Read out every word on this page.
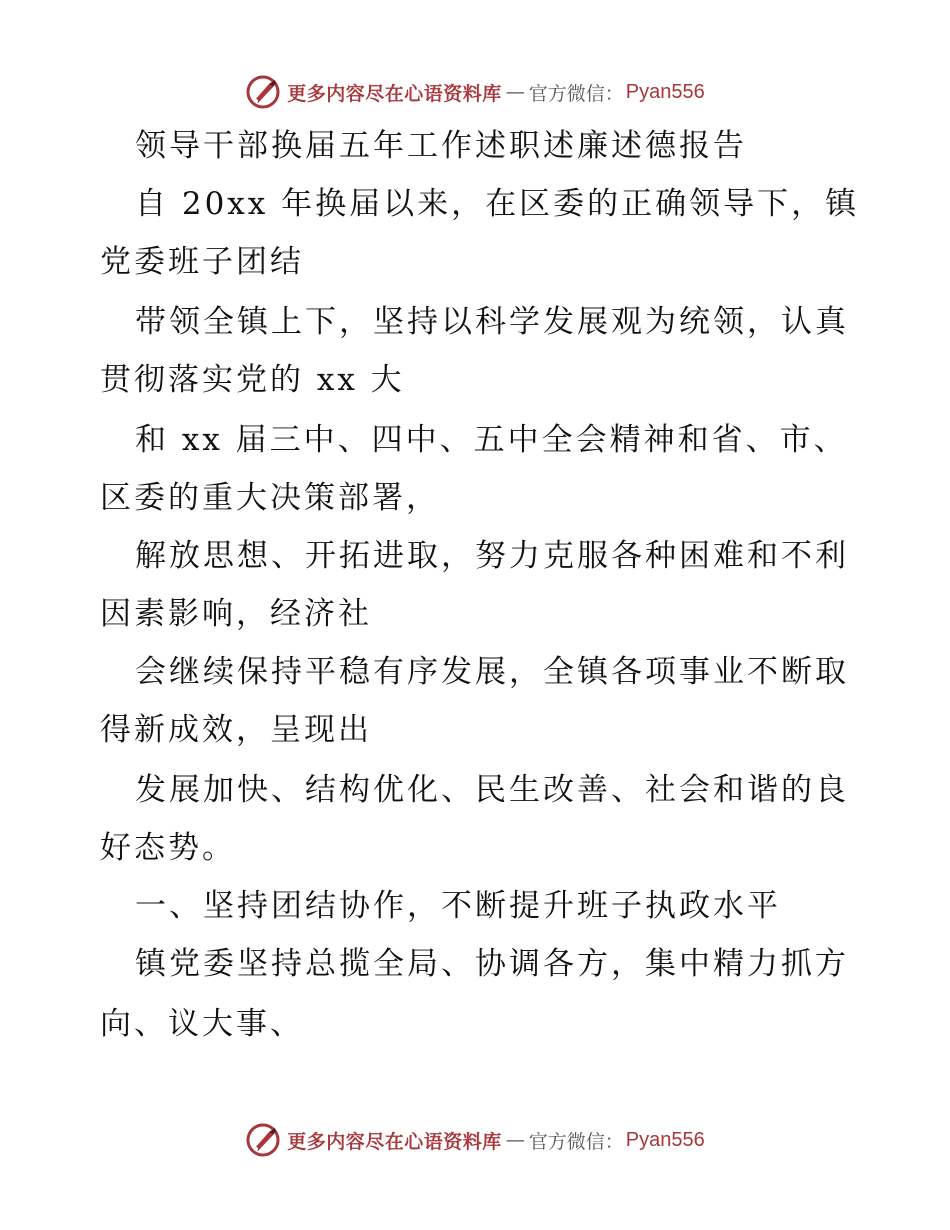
更多内容尽在心语资料库 — 官方微信： Pyan556
领导干部换届五年工作述职述廉述德报告
自 20xx 年换届以来，在区委的正确领导下，镇
党委班子团结
带领全镇上下，坚持以科学发展观为统领，认真
贯彻落实党的 xx 大
和 xx 届三中、四中、五中全会精神和省、市、
区委的重大决策部署，
解放思想、开拓进取，努力克服各种困难和不利
因素影响，经济社
会继续保持平稳有序发展，全镇各项事业不断取
得新成效，呈现出
发展加快、结构优化、民生改善、社会和谐的良
好态势。
一、坚持团结协作，不断提升班子执政水平
镇党委坚持总揽全局、协调各方，集中精力抓方
向、议大事、
更多内容尽在心语资料库 — 官方微信： Pyan556
